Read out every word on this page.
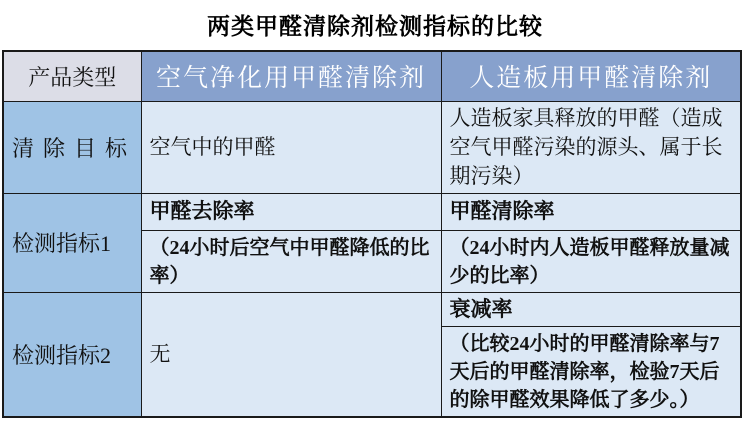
两类甲醛清除剂检测指标的比较
产品类型	空气净化用甲醛清除剂	人造板用甲醛清除剂
清除目标	空气中的甲醛	人造板家具释放的甲醛（造成空气甲醛污染的源头、属于长期污染）
检测指标1	甲醛去除率	甲醛清除率
	（24小时后空气中甲醛降低的比率）	（24小时内人造板甲醛释放量减少的比率）
检测指标2	无	衰减率
		（比较24小时的甲醛清除率与7天后的甲醛清除率，检验7天后的除甲醛效果降低了多少。）
